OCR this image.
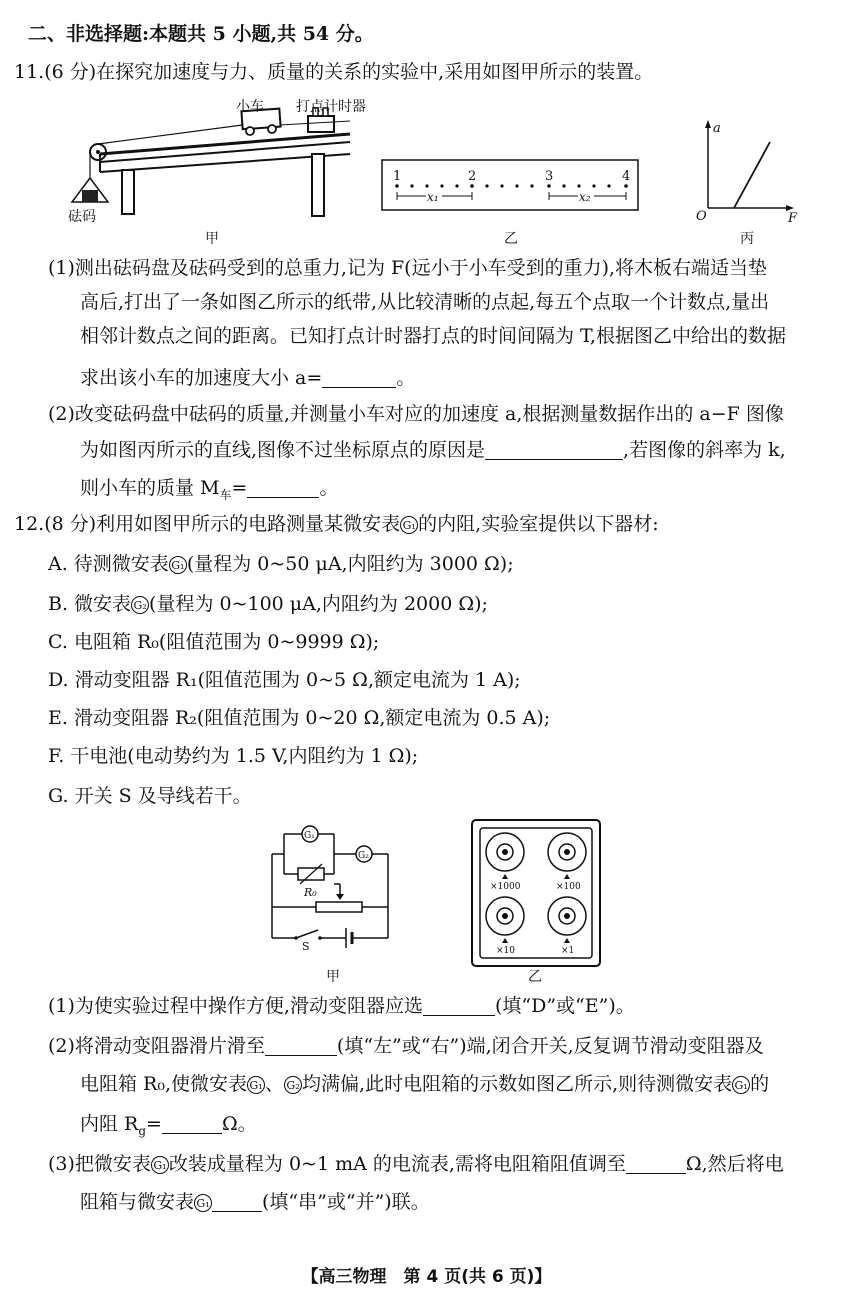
二、非选择题:本题共 5 小题,共 54 分。
11.(6 分)在探究加速度与力、质量的关系的实验中,采用如图甲所示的装置。
小车 打点计时器
砝码
甲
1	2	3	4
x₁	x₂
乙
a
F
O
丙
(1)测出砝码盘及砝码受到的总重力,记为 F(远小于小车受到的重力),将木板右端适当垫
高后,打出了一条如图乙所示的纸带,从比较清晰的点起,每五个点取一个计数点,量出
相邻计数点之间的距离。已知打点计时器打点的时间间隔为 T,根据图乙中给出的数据
求出该小车的加速度大小 a=	。
(2)改变砝码盘中砝码的质量,并测量小车对应的加速度 a,根据测量数据作出的 a−F 图像
为如图丙所示的直线,图像不过坐标原点的原因是	,若图像的斜率为 k,
则小车的质量 $M_车=$	。
12.(8 分)利用如图甲所示的电路测量某微安表 G₁ 的内阻,实验室提供以下器材:
A. 待测微安表 G₁ (量程为 0~50 μA,内阻约为 3000 Ω);
B. 微安表 G₂ (量程为 0~100 μA,内阻约为 2000 Ω);
C. 电阻箱 R₀(阻值范围为 0~9999 Ω);
D. 滑动变阻器 R₁(阻值范围为 0~5 Ω,额定电流为 1 A);
E. 滑动变阻器 R₂(阻值范围为 0~20 Ω,额定电流为 0.5 A);
F. 干电池(电动势约为 1.5 V,内阻约为 1 Ω);
G. 开关 S 及导线若干。
G₁
R₀
G₂
S
甲
×1000	×100
×10	×1
乙
(1)为使实验过程中操作方便,滑动变阻器应选	(填“D”或“E”)。
(2)将滑动变阻器滑片滑至	(填“左”或“右”)端,闭合开关,反复调节滑动变阻器及
电阻箱 R₀,使微安表 G₁ 、 G₂ 均满偏,此时电阻箱的示数如图乙所示,则待测微安表 G₁ 的
内阻 $R_g=$	Ω。
(3)把微安表 G₁ 改装成量程为 0~1 mA 的电流表,需将电阻箱阻值调至	Ω,然后将电
阻箱与微安表 G₁	(填“串”或“并”)联。
【高三物理　第 4 页(共 6 页)】
